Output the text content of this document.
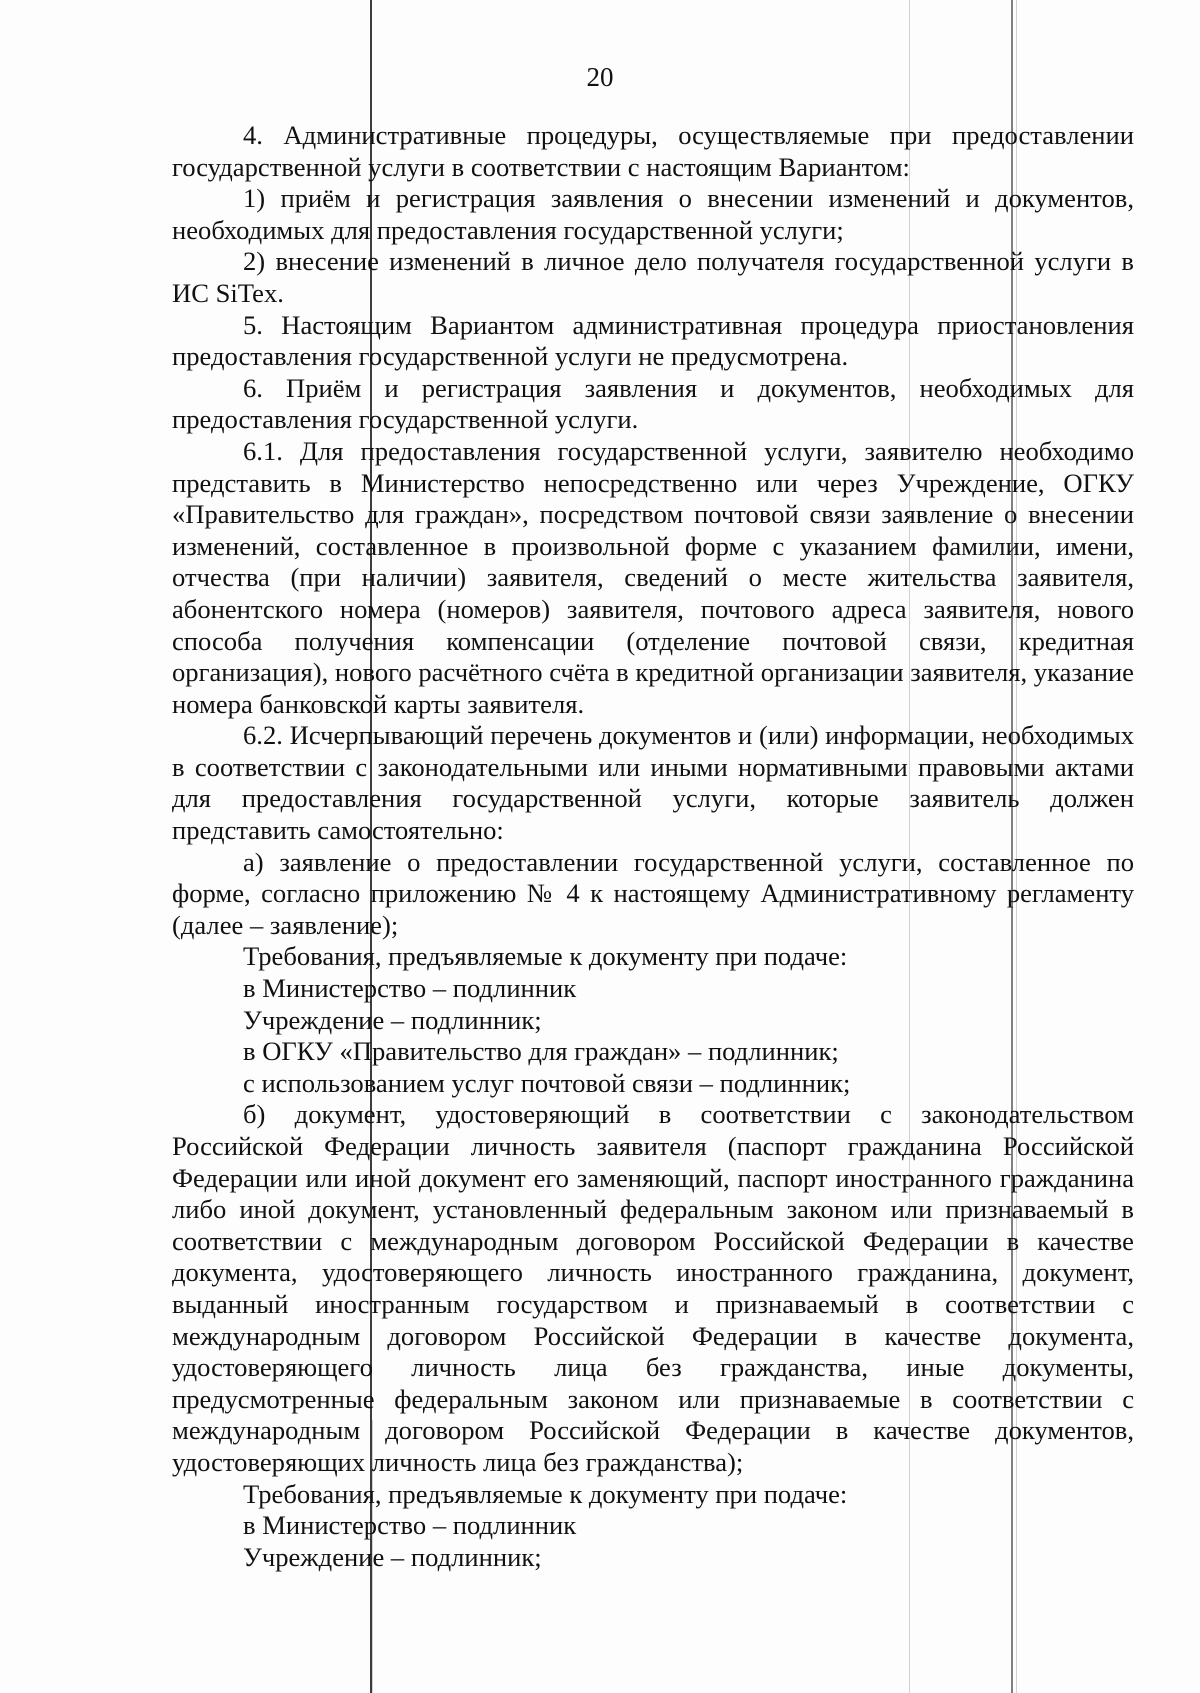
20

4. Административные процедуры, осуществляемые при предоставлении государственной услуги в соответствии с настоящим Вариантом:

1) приём и регистрация заявления о внесении изменений и документов, необходимых для предоставления государственной услуги;

2) внесение изменений в личное дело получателя государственной услуги в ИС SiTex.

5. Настоящим Вариантом административная процедура приостановления предоставления государственной услуги не предусмотрена.

6. Приём и регистрация заявления и документов, необходимых для предоставления государственной услуги.

6.1. Для предоставления государственной услуги, заявителю необходимо представить в Министерство непосредственно или через Учреждение, ОГКУ «Правительство для граждан», посредством почтовой связи заявление о внесении изменений, составленное в произвольной форме с указанием фамилии, имени, отчества (при наличии) заявителя, сведений о месте жительства заявителя, абонентского номера (номеров) заявителя, почтового адреса заявителя, нового способа получения компенсации (отделение почтовой связи, кредитная организация), нового расчётного счёта в кредитной организации заявителя, указание номера банковской карты заявителя.

6.2. Исчерпывающий перечень документов и (или) информации, необходимых в соответствии с законодательными или иными нормативными правовыми актами для предоставления государственной услуги, которые заявитель должен представить самостоятельно:

а) заявление о предоставлении государственной услуги, составленное по форме, согласно приложению № 4 к настоящему Административному регламенту (далее – заявление);

Требования, предъявляемые к документу при подаче:

в Министерство – подлинник

Учреждение – подлинник;

в ОГКУ «Правительство для граждан» – подлинник;

с использованием услуг почтовой связи – подлинник;

б) документ, удостоверяющий в соответствии с законодательством Российской Федерации личность заявителя (паспорт гражданина Российской Федерации или иной документ его заменяющий, паспорт иностранного гражданина либо иной документ, установленный федеральным законом или признаваемый в соответствии с международным договором Российской Федерации в качестве документа, удостоверяющего личность иностранного гражданина, документ, выданный иностранным государством и признаваемый в соответствии с международным договором Российской Федерации в качестве документа, удостоверяющего личность лица без гражданства, иные документы, предусмотренные федеральным законом или признаваемые в соответствии с международным договором Российской Федерации в качестве документов, удостоверяющих личность лица без гражданства);

Требования, предъявляемые к документу при подаче:

в Министерство – подлинник

Учреждение – подлинник;
